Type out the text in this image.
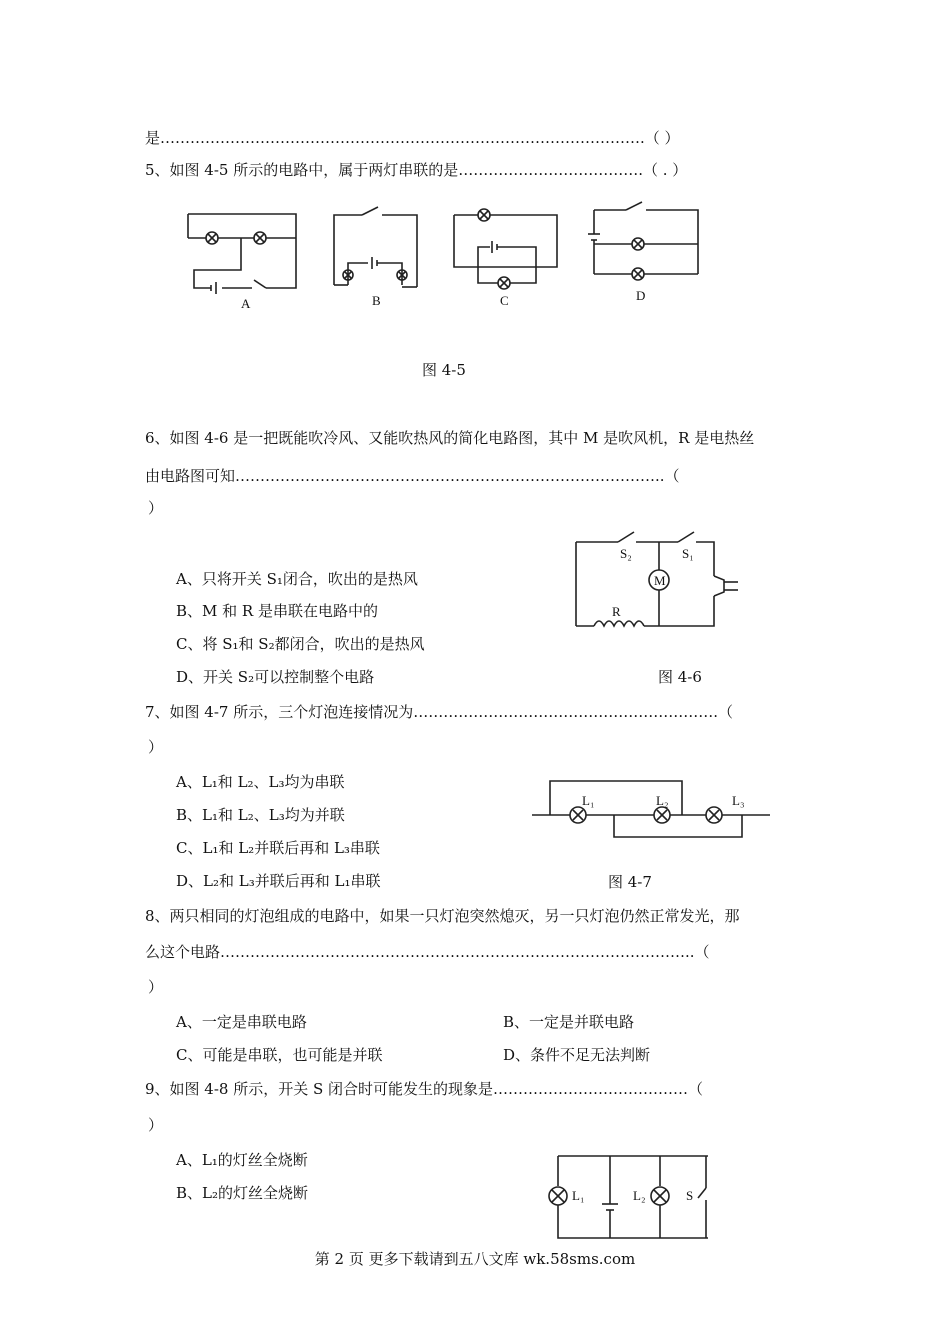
是…………………………………………………………………………………….（ ）
5、如图 4-5 所示的电路中，属于两灯串联的是……………………………….（ . ）
A	B	C	D
图 4-5
6、如图 4-6 是一把既能吹冷风、又能吹热风的简化电路图，其中 M 是吹风机，R 是电热丝
由电路图可知…………………………………………………………………………..（
）
A、只将开关 S₁闭合，吹出的是热风
B、M 和 R 是串联在电路中的
C、将 S₁和 S₂都闭合，吹出的是热风
D、开关 S₂可以控制整个电路
M
S₂	S₁
R
图 4-6
7、如图 4-7 所示，三个灯泡连接情况为…………………………………………………….（
）
A、L₁和 L₂、L₃均为串联
B、L₁和 L₂、L₃均为并联
C、L₁和 L₂并联后再和 L₃串联
D、L₂和 L₃并联后再和 L₁串联
L₁	L₂	L₃
图 4-7
8、两只相同的灯泡组成的电路中，如果一只灯泡突然熄灭，另一只灯泡仍然正常发光，那
么这个电路…………………………………………………………………………………..（
）
A、一定是串联电路	B、一定是并联电路
C、可能是串联，也可能是并联	D、条件不足无法判断
9、如图 4-8 所示，开关 S 闭合时可能发生的现象是…………………………………（
）
A、L₁的灯丝全烧断
B、L₂的灯丝全烧断	L₁	L₂	S
第 2 页 更多下载请到五八文库 wk.58sms.com
